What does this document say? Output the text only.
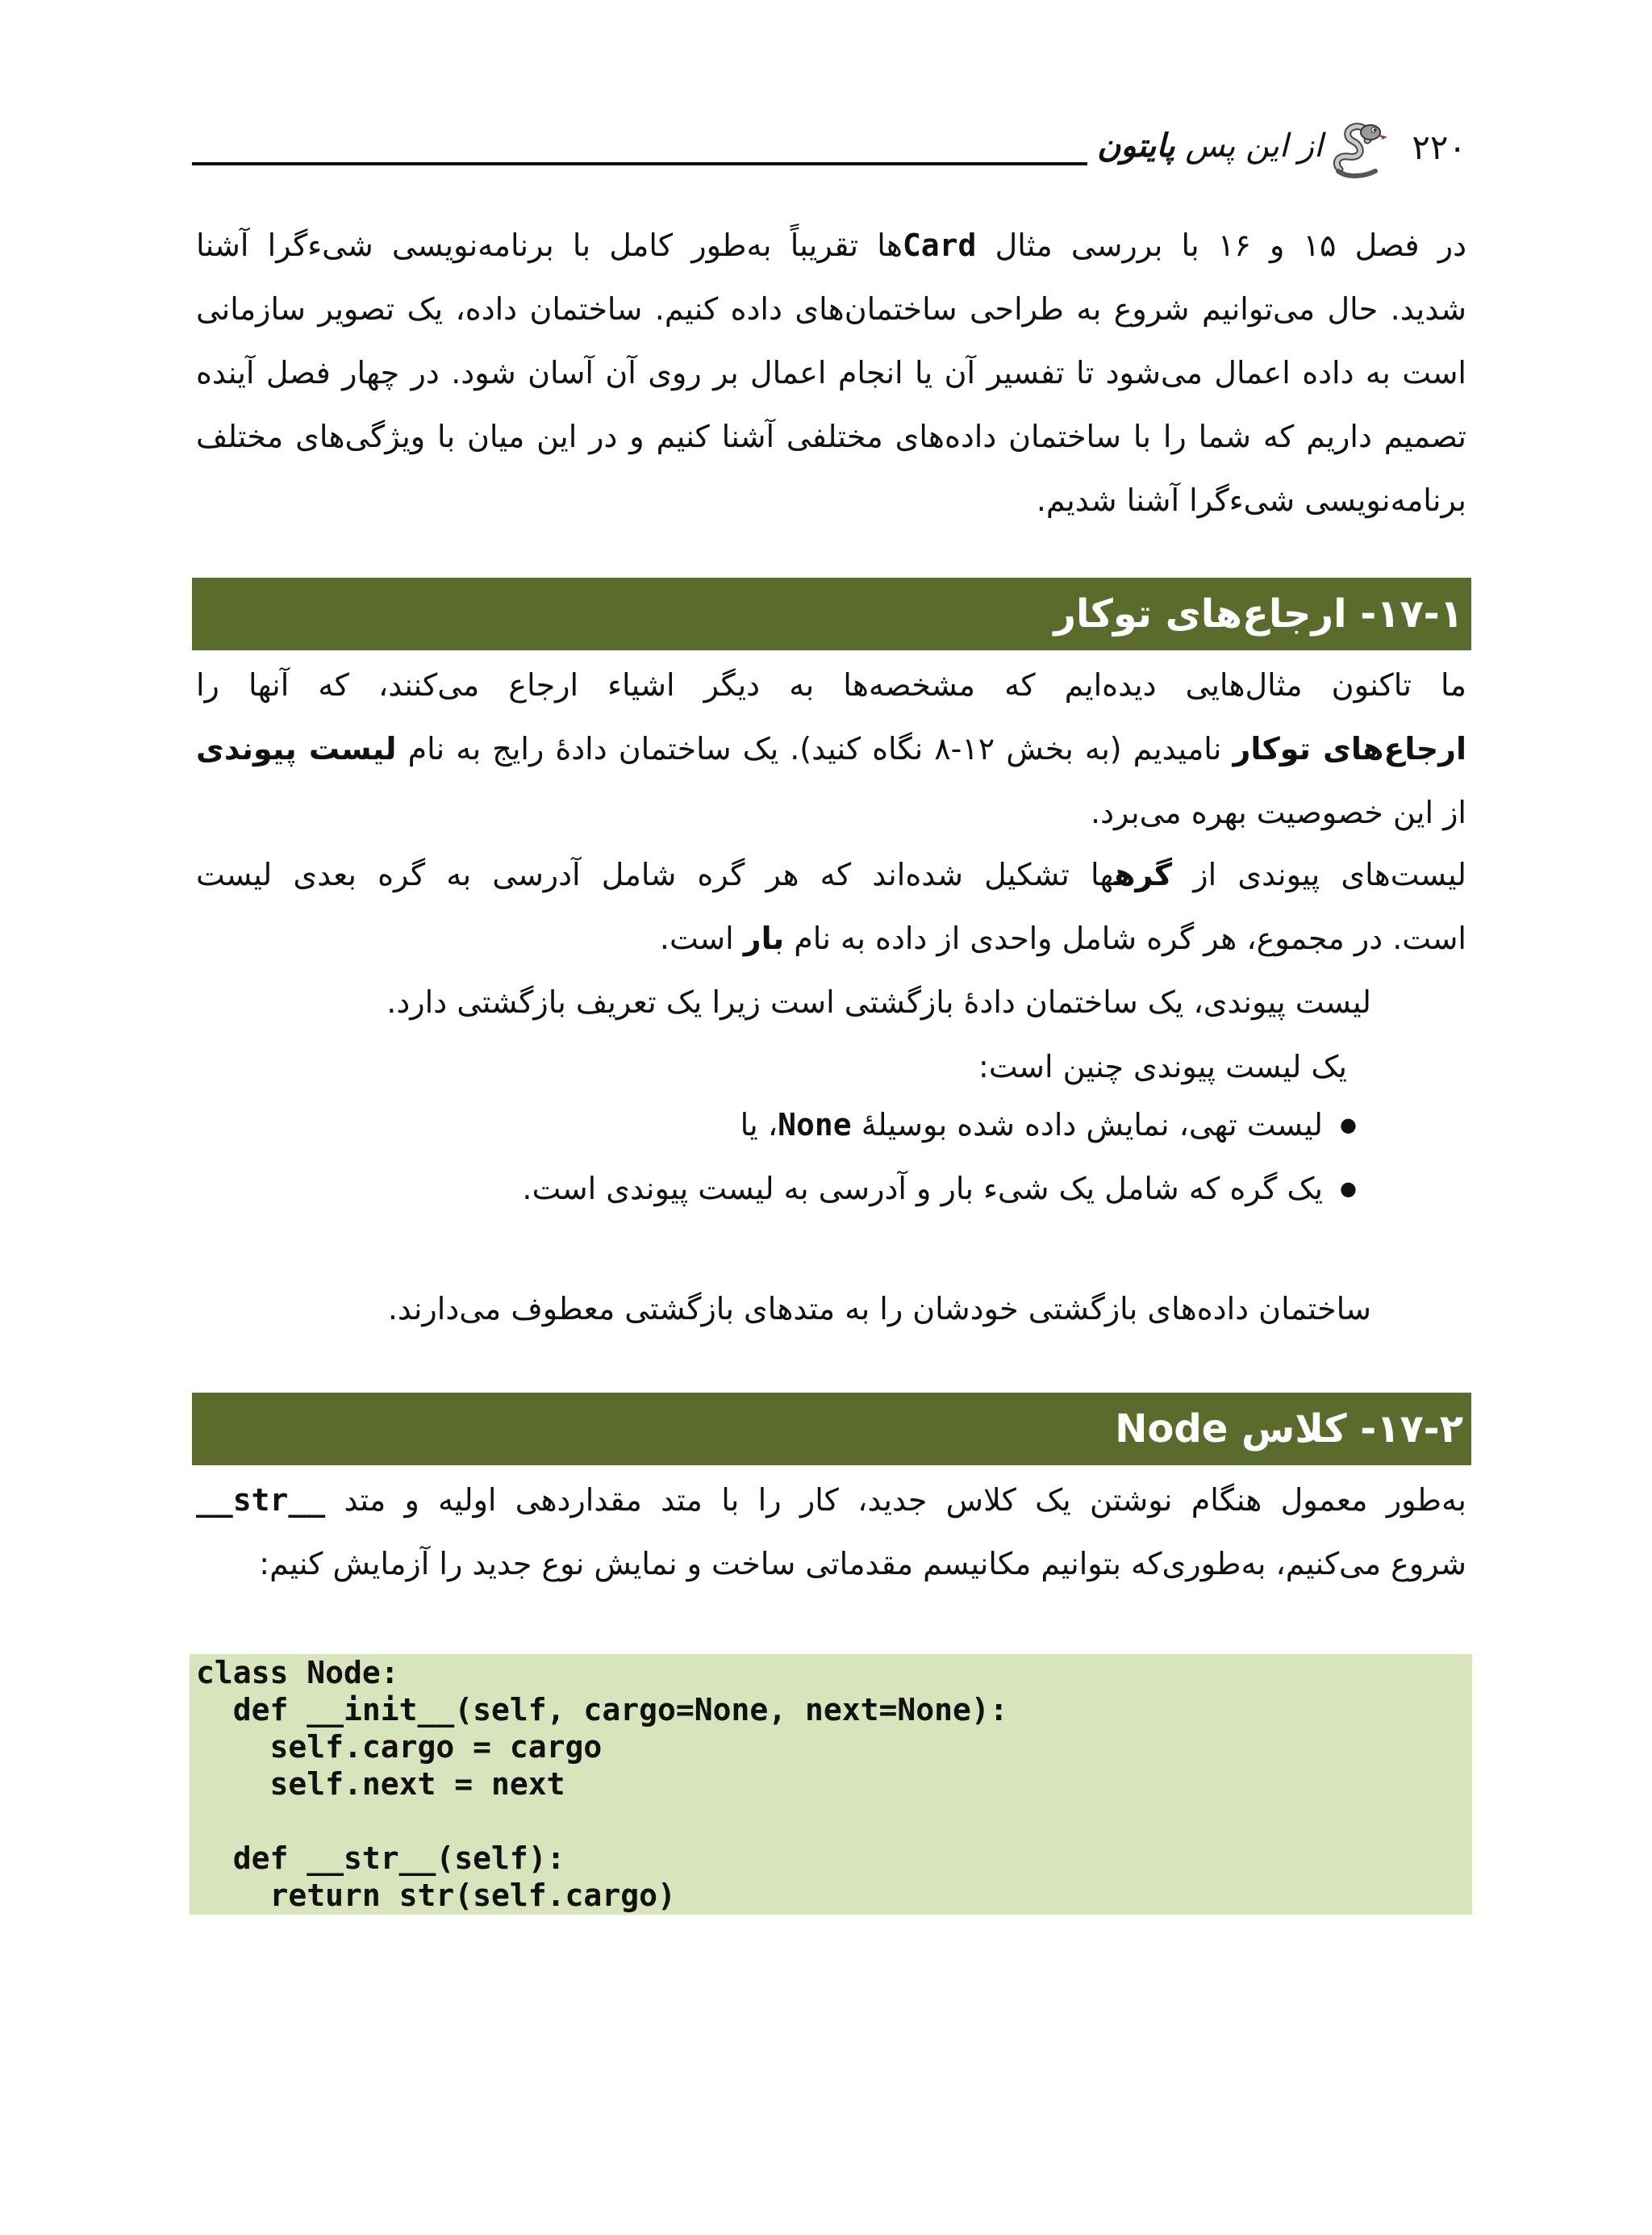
از این پس پایتون	۲۲۰
در فصل ۱۵ و ۱۶ با بررسی مثال Cardها تقریباً به‌طور کامل با برنامه‌نویسی شیءگرا آشنا
شدید. حال می‌توانیم شروع به طراحی ساختمان‌های داده کنیم. ساختمان داده، یک تصویر سازمانی
است به داده اعمال می‌شود تا تفسیر آن یا انجام اعمال بر روی آن آسان شود. در چهار فصل آینده
تصمیم داریم که شما را با ساختمان داده‌های مختلفی آشنا کنیم و در این میان با ویژگی‌های مختلف
برنامه‌نویسی شیءگرا آشنا شدیم.
۱۷-۱- ارجاع‌های توکار
ما تاکنون مثال‌هایی دیده‌ایم که مشخصه‌ها به دیگر اشیاء ارجاع می‌کنند، که آنها را
ارجاع‌های توکار نامیدیم (به بخش ۱۲-۸ نگاه کنید). یک ساختمان دادهٔ رایج به نام لیست پیوندی
از این خصوصیت بهره می‌برد.
لیست‌های پیوندی از گرهها تشکیل شده‌اند که هر گره شامل آدرسی به گره بعدی لیست
است. در مجموع، هر گره شامل واحدی از داده به نام بار است.
لیست پیوندی، یک ساختمان دادهٔ بازگشتی است زیرا یک تعریف بازگشتی دارد.
یک لیست پیوندی چنین است:
● لیست تهی، نمایش داده شده بوسیلهٔ None، یا
● یک گره که شامل یک شیء بار و آدرسی به لیست پیوندی است.
ساختمان داده‌های بازگشتی خودشان را به متدهای بازگشتی معطوف می‌دارند.
۱۷-۲- کلاس Node
به‌طور معمول هنگام نوشتن یک کلاس جدید، کار را با متد مقداردهی اولیه و متد __str__
شروع می‌کنیم، به‌طوری‌که بتوانیم مکانیسم مقدماتی ساخت و نمایش نوع جدید را آزمایش کنیم:
class Node:
def __init__(self, cargo=None, next=None):
self.cargo = cargo
self.next = next
def __str__(self):
return str(self.cargo)
